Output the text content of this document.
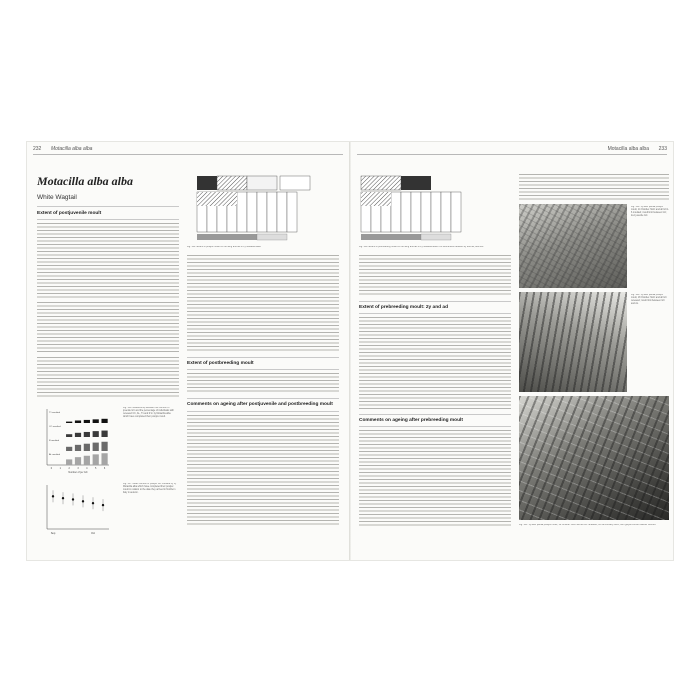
232 Motacilla alba alba
Motacilla alba alba
White Wagtail
Extent of postjuvenile moult
T1 moulted
CC moulted
R moulted
AL moulted
0	1	2	3	4	5	6
Number of juv GC
Fig. 136. Relationship between the number of juvenile GC and the percentage of individuals with renewed CC, AL, T1 and R in 1y Motacilla alba which have completed their postjuv moult.
Sep	Oct
Fig. 137. Mean number of postjuv GC moulted by 1y Motacilla alba which have completed their postjuv moult in relation to the date they arrived in Northern Italy in autumn.
Fig. 134. Extent of postjuv moult on the wing and tail in 1y Motacilla alba.
Extent of postbreeding moult
Comments on ageing after postjuvenile and postbreeding moult
Motacilla alba alba 233
Fig. 138. Extent of prebreeding moult on the wing and tail in 2y Motacilla alba. For differences between 2y and ad, see text.
Extent of prebreeding moult: 2y and ad
Comments on ageing after prebreeding moult
Fig. 139. 1y after partial postjuv moult, 14 October. MoC and all GC1-6 moulted; moult limit between GC; iii-vi juvenile GC.
Fig. 140. 1y after partial postjuv moult, 18 October. MoC and all GC renewed; moult limit between GC and AL.
Fig. 141. 1y after partial postjuv moult, 18 October. MoC and all GC renewed; GC all similarly worn, with greyish-brown feather centres.
